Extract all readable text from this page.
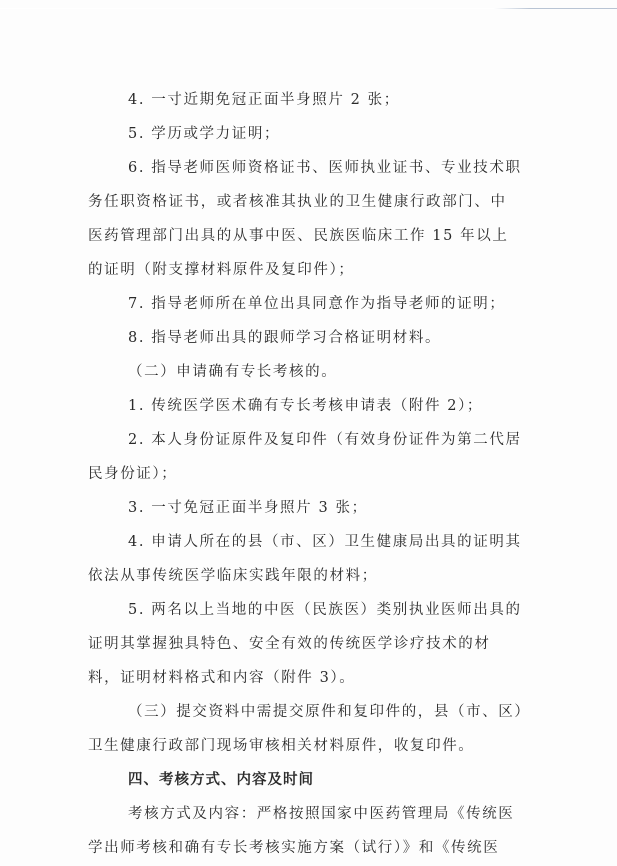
4. 一寸近期免冠正面半身照片 2 张；
5. 学历或学力证明；
6. 指导老师医师资格证书、医师执业证书、专业技术职
务任职资格证书，或者核准其执业的卫生健康行政部门、中
医药管理部门出具的从事中医、民族医临床工作 15 年以上
的证明（附支撑材料原件及复印件）；
7. 指导老师所在单位出具同意作为指导老师的证明；
8. 指导老师出具的跟师学习合格证明材料。
（二）申请确有专长考核的。
1. 传统医学医术确有专长考核申请表（附件 2）；
2. 本人身份证原件及复印件（有效身份证件为第二代居
民身份证）；
3. 一寸免冠正面半身照片 3 张；
4. 申请人所在的县（市、区）卫生健康局出具的证明其
依法从事传统医学临床实践年限的材料；
5. 两名以上当地的中医（民族医）类别执业医师出具的
证明其掌握独具特色、安全有效的传统医学诊疗技术的材
料，证明材料格式和内容（附件 3）。
（三）提交资料中需提交原件和复印件的，县（市、区）
卫生健康行政部门现场审核相关材料原件，收复印件。
四、考核方式、内容及时间
考核方式及内容：严格按照国家中医药管理局《传统医
学出师考核和确有专长考核实施方案（试行）》和《传统医
